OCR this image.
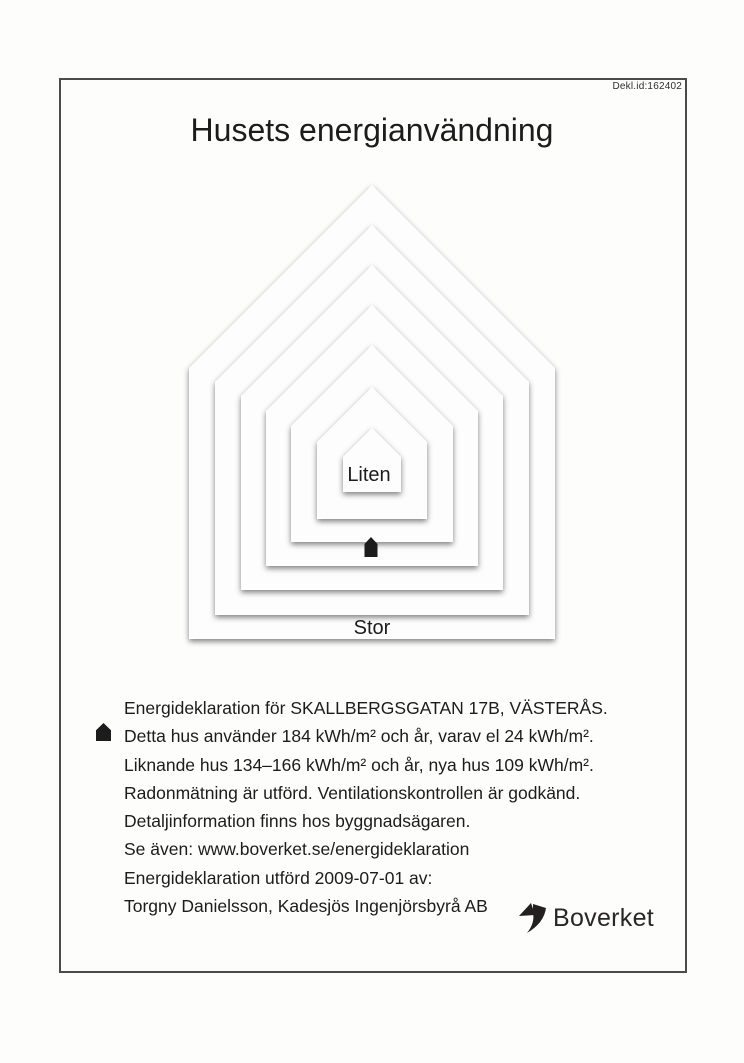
Dekl.id:162402
Husets energianvändning
Liten
Stor
Energideklaration för SKALLBERGSGATAN 17B, VÄSTERÅS.
Detta hus använder 184 kWh/m² och år, varav el 24 kWh/m².
Liknande hus 134–166 kWh/m² och år, nya hus 109 kWh/m².
Radonmätning är utförd. Ventilationskontrollen är godkänd.
Detaljinformation finns hos byggnadsägaren.
Se även: www.boverket.se/energideklaration
Energideklaration utförd 2009-07-01 av:
Torgny Danielsson, Kadesjös Ingenjörsbyrå AB	Boverket
